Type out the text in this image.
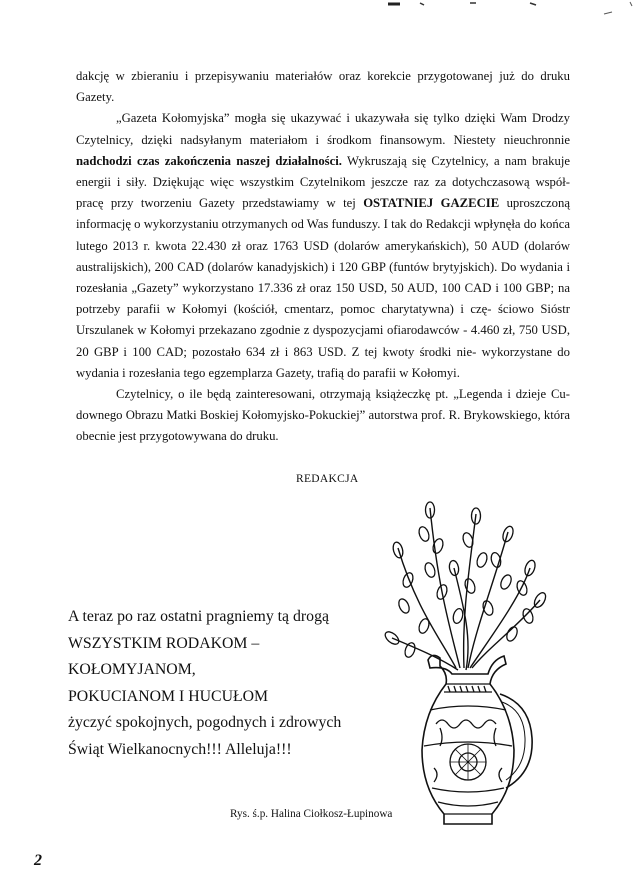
dakcję w zbieraniu i przepisywaniu materiałów oraz korekcie przygotowanej już do druku Gazety.

„Gazeta Kołomyjska” mogła się ukazywać i ukazywała się tylko dzięki Wam Drodzy Czytelnicy, dzięki nadsyłanym materiałom i środkom finansowym. Niestety nieuchronnie nadchodzi czas zakończenia naszej działalności. Wykruszają się Czytelnicy, a nam brakuje energii i siły. Dziękując więc wszystkim Czytelnikom jeszcze raz za dotychczasową współ- pracę przy tworzeniu Gazety przedstawiamy w tej OSTATNIEJ GAZECIE uproszczoną informację o wykorzystaniu otrzymanych od Was funduszy. I tak do Redakcji wpłynęła do końca lutego 2013 r. kwota 22.430 zł oraz 1763 USD (dolarów amerykańskich), 50 AUD (dolarów australijskich), 200 CAD (dolarów kanadyjskich) i 120 GBP (funtów brytyjskich). Do wydania i rozesłania „Gazety” wykorzystano 17.336 zł oraz 150 USD, 50 AUD, 100 CAD i 100 GBP; na potrzeby parafii w Kołomyi (kościół, cmentarz, pomoc charytatywna) i czę- ściowo Sióstr Urszulanek w Kołomyi przekazano zgodnie z dyspozycjami ofiarodawców - 4.460 zł, 750 USD, 20 GBP i 100 CAD; pozostało 634 zł i 863 USD. Z tej kwoty środki nie- wykorzystane do wydania i rozesłania tego egzemplarza Gazety, trafią do parafii w Kołomyi.

Czytelnicy, o ile będą zainteresowani, otrzymają książeczkę pt. „Legenda i dzieje Cu- downego Obrazu Matki Boskiej Kołomyjsko-Pokuckiej” autorstwa prof. R. Brykowskiego, która obecnie jest przygotowywana do druku.

REDAKCJA
A teraz po raz ostatni pragniemy tą drogą
WSZYSTKIM RODAKOM –
KOŁOMYJANOM,
POKUCIANOM I HUCUŁOM
życzyć spokojnych, pogodnych i zdrowych
Świąt Wielkanocnych!!! Alleluja!!!
Rys. ś.p. Halina Ciołkosz-Łupinowa
2
